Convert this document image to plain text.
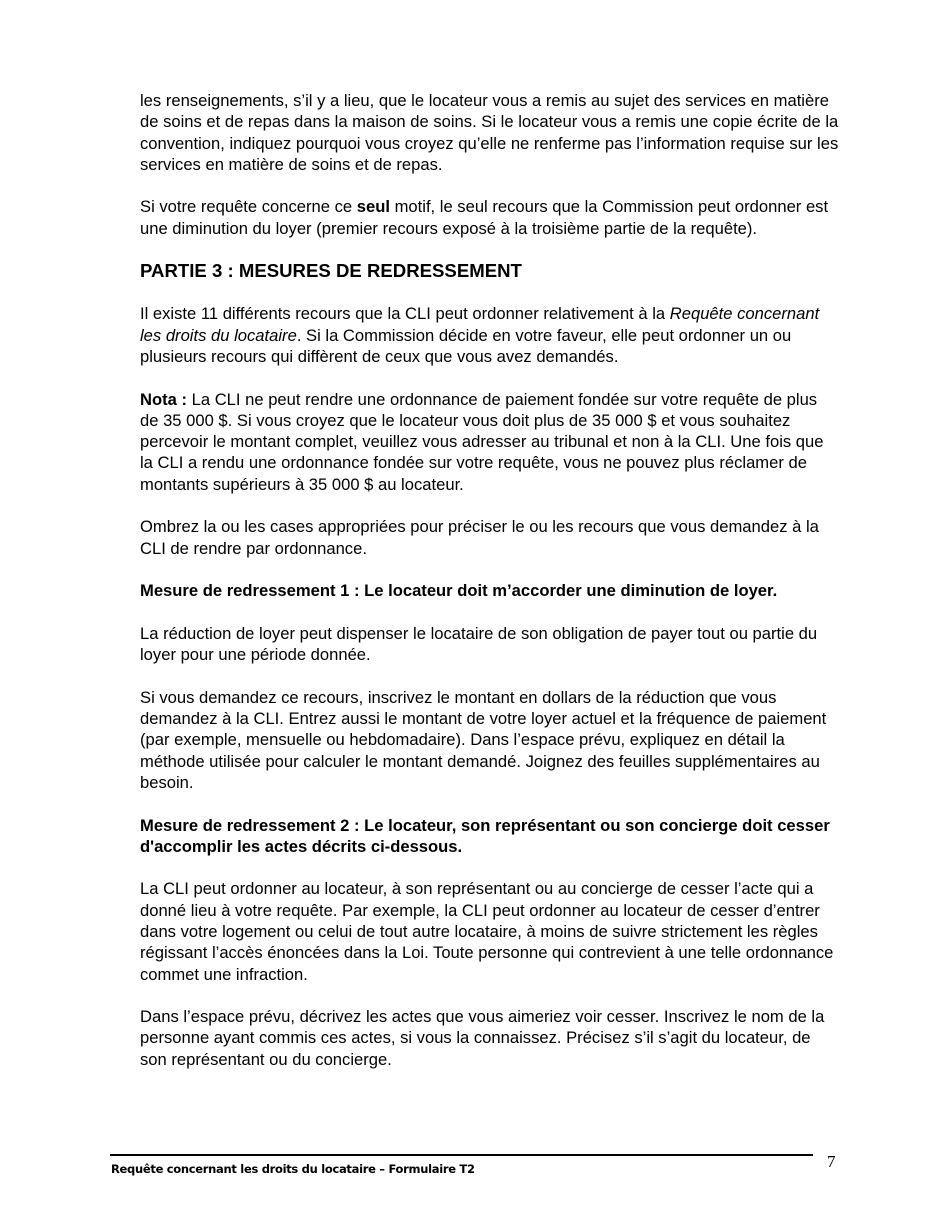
les renseignements, s’il y a lieu, que le locateur vous a remis au sujet des services en matière de soins et de repas dans la maison de soins. Si le locateur vous a remis une copie écrite de la convention, indiquez pourquoi vous croyez qu’elle ne renferme pas l’information requise sur les services en matière de soins et de repas.

Si votre requête concerne ce seul motif, le seul recours que la Commission peut ordonner est une diminution du loyer (premier recours exposé à la troisième partie de la requête).

PARTIE 3 : MESURES DE REDRESSEMENT

Il existe 11 différents recours que la CLI peut ordonner relativement à la Requête concernant les droits du locataire. Si la Commission décide en votre faveur, elle peut ordonner un ou plusieurs recours qui diffèrent de ceux que vous avez demandés.

Nota : La CLI ne peut rendre une ordonnance de paiement fondée sur votre requête de plus de 35 000 $. Si vous croyez que le locateur vous doit plus de 35 000 $ et vous souhaitez percevoir le montant complet, veuillez vous adresser au tribunal et non à la CLI. Une fois que la CLI a rendu une ordonnance fondée sur votre requête, vous ne pouvez plus réclamer de montants supérieurs à 35 000 $ au locateur.

Ombrez la ou les cases appropriées pour préciser le ou les recours que vous demandez à la CLI de rendre par ordonnance.

Mesure de redressement 1 : Le locateur doit m’accorder une diminution de loyer.

La réduction de loyer peut dispenser le locataire de son obligation de payer tout ou partie du loyer pour une période donnée.

Si vous demandez ce recours, inscrivez le montant en dollars de la réduction que vous demandez à la CLI. Entrez aussi le montant de votre loyer actuel et la fréquence de paiement (par exemple, mensuelle ou hebdomadaire). Dans l’espace prévu, expliquez en détail la méthode utilisée pour calculer le montant demandé. Joignez des feuilles supplémentaires au besoin.

Mesure de redressement 2 : Le locateur, son représentant ou son concierge doit cesser d'accomplir les actes décrits ci-dessous.

La CLI peut ordonner au locateur, à son représentant ou au concierge de cesser l’acte qui a donné lieu à votre requête. Par exemple, la CLI peut ordonner au locateur de cesser d’entrer dans votre logement ou celui de tout autre locataire, à moins de suivre strictement les règles régissant l’accès énoncées dans la Loi. Toute personne qui contrevient à une telle ordonnance commet une infraction.

Dans l’espace prévu, décrivez les actes que vous aimeriez voir cesser. Inscrivez le nom de la personne ayant commis ces actes, si vous la connaissez. Précisez s’il s’agit du locateur, de son représentant ou du concierge.

Requête concernant les droits du locataire – Formulaire T2	7
